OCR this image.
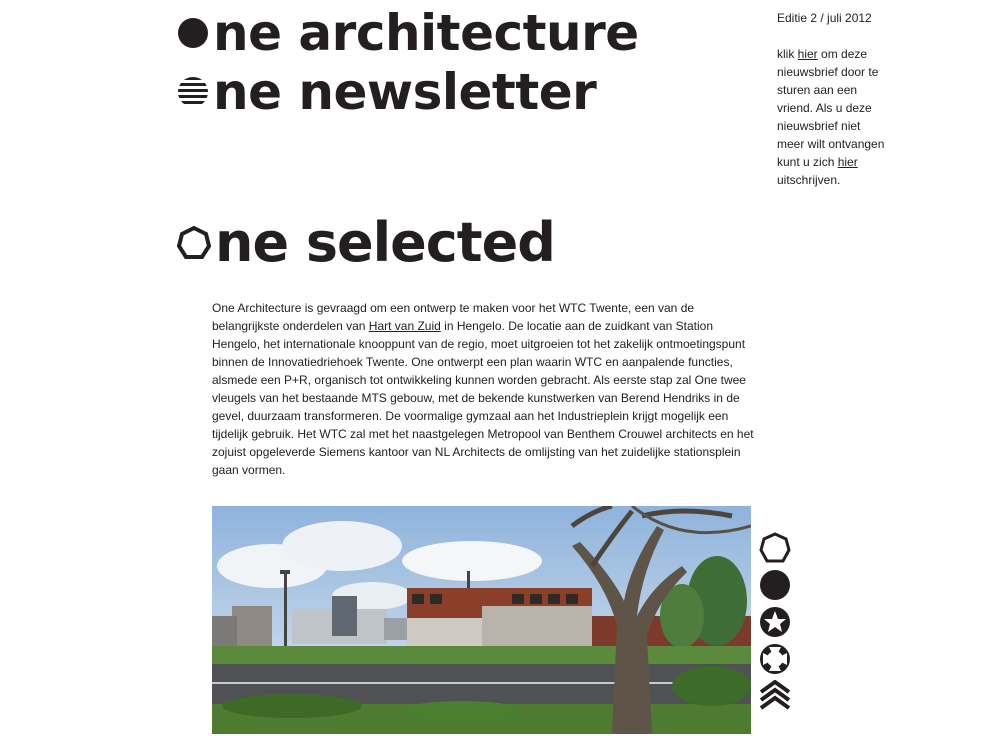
ne architecture
ne newsletter
ne selected
Editie 2 / juli 2012
klik hier om deze nieuwsbrief door te sturen aan een vriend. Als u deze nieuwsbrief niet meer wilt ontvangen kunt u zich hier uitschrijven.
One Architecture is gevraagd om een ontwerp te maken voor het WTC Twente, een van de belangrijkste onderdelen van Hart van Zuid in Hengelo. De locatie aan de zuidkant van Station Hengelo, het internationale knooppunt van de regio, moet uitgroeien tot het zakelijk ontmoetingspunt binnen de Innovatiedriehoek Twente. One ontwerpt een plan waarin WTC en aanpalende functies, alsmede een P+R, organisch tot ontwikkeling kunnen worden gebracht. Als eerste stap zal One twee vleugels van het bestaande MTS gebouw, met de bekende kunstwerken van Berend Hendriks in de gevel, duurzaam transformeren. De voormalige gymzaal aan het Industrieplein krijgt mogelijk een tijdelijk gebruik. Het WTC zal met het naastgelegen Metropool van Benthem Crouwel architects en het zojuist opgeleverde Siemens kantoor van NL Architects de omlijsting van het zuidelijke stationsplein gaan vormen.
